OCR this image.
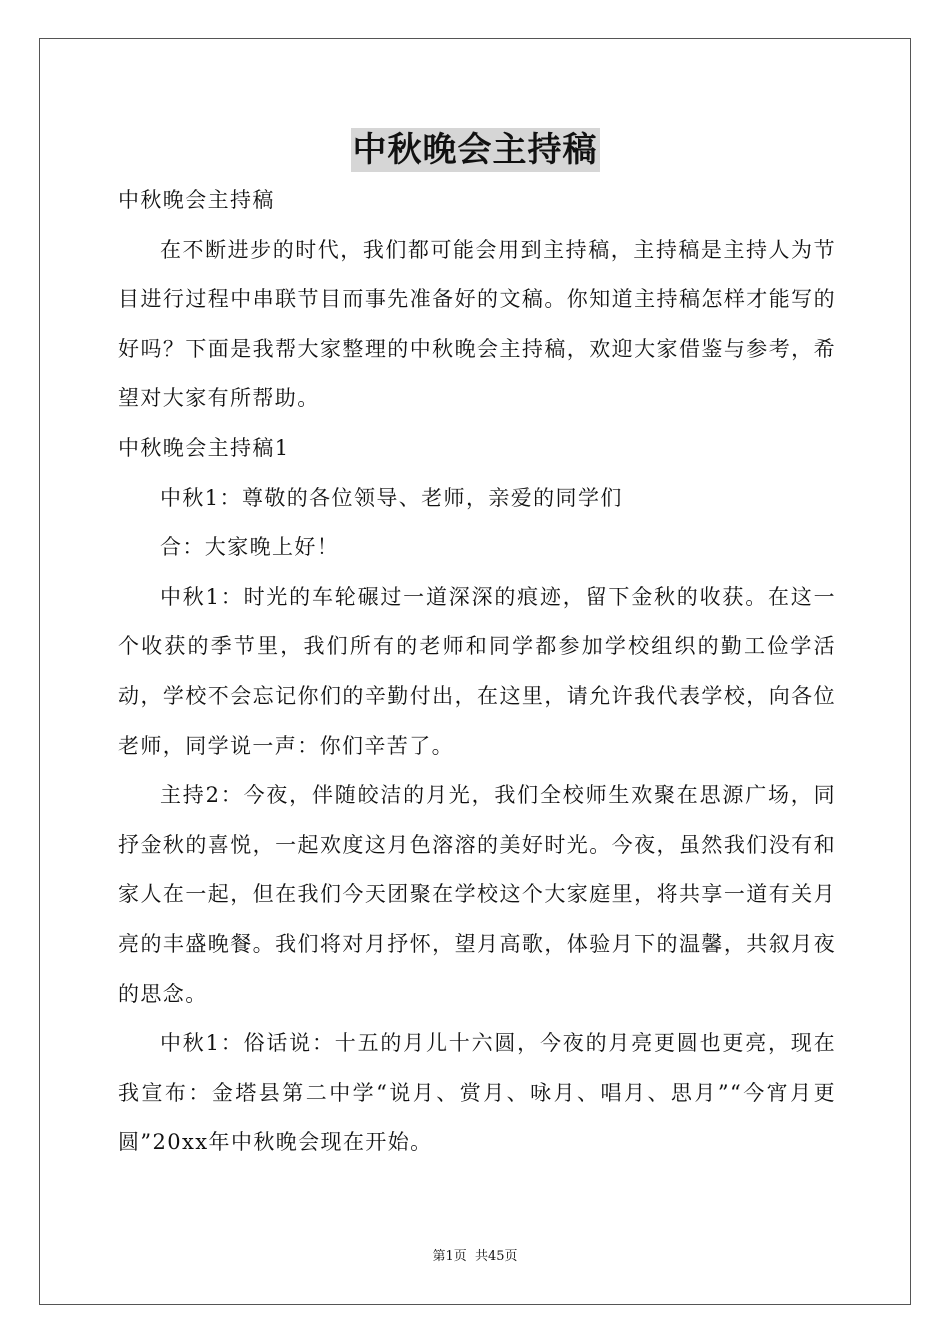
中秋晚会主持稿

中秋晚会主持稿

在不断进步的时代，我们都可能会用到主持稿，主持稿是主持人为节目进行过程中串联节目而事先准备好的文稿。你知道主持稿怎样才能写的好吗？下面是我帮大家整理的中秋晚会主持稿，欢迎大家借鉴与参考，希望对大家有所帮助。

中秋晚会主持稿1

中秋1：尊敬的各位领导、老师，亲爱的同学们

合：大家晚上好！

中秋1：时光的车轮碾过一道深深的痕迹，留下金秋的收获。在这一个收获的季节里，我们所有的老师和同学都参加学校组织的勤工俭学活动，学校不会忘记你们的辛勤付出，在这里，请允许我代表学校，向各位老师，同学说一声：你们辛苦了。

主持2：今夜，伴随皎洁的月光，我们全校师生欢聚在思源广场，同抒金秋的喜悦，一起欢度这月色溶溶的美好时光。今夜，虽然我们没有和家人在一起，但在我们今天团聚在学校这个大家庭里，将共享一道有关月亮的丰盛晚餐。我们将对月抒怀，望月高歌，体验月下的温馨，共叙月夜的思念。

中秋1：俗话说：十五的月儿十六圆，今夜的月亮更圆也更亮，现在我宣布：金塔县第二中学“说月、赏月、咏月、唱月、思月”“今宵月更圆”20xx年中秋晚会现在开始。

第1页 共45页
